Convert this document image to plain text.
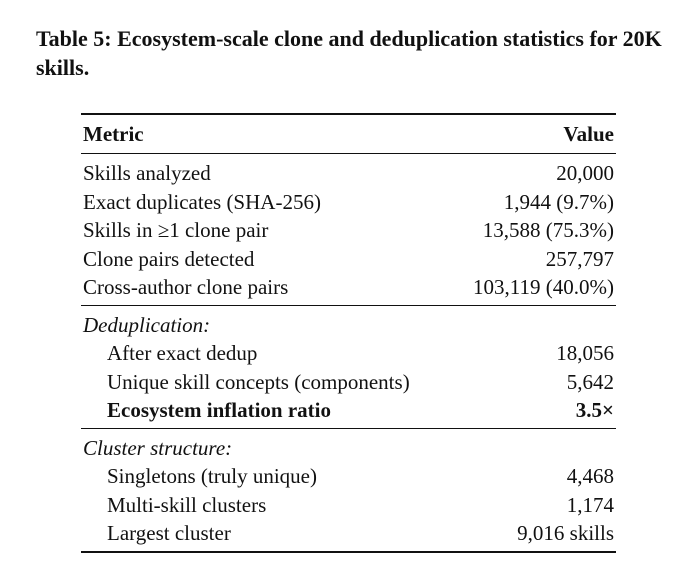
Table 5: Ecosystem-scale clone and deduplication statistics for 20K skills.
Metric	Value
Skills analyzed	20,000
Exact duplicates (SHA-256)	1,944 (9.7%)
Skills in ≥1 clone pair	13,588 (75.3%)
Clone pairs detected	257,797
Cross-author clone pairs	103,119 (40.0%)
Deduplication:
After exact dedup	18,056
Unique skill concepts (components)	5,642
Ecosystem inflation ratio	3.5×
Cluster structure:
Singletons (truly unique)	4,468
Multi-skill clusters	1,174
Largest cluster	9,016 skills
